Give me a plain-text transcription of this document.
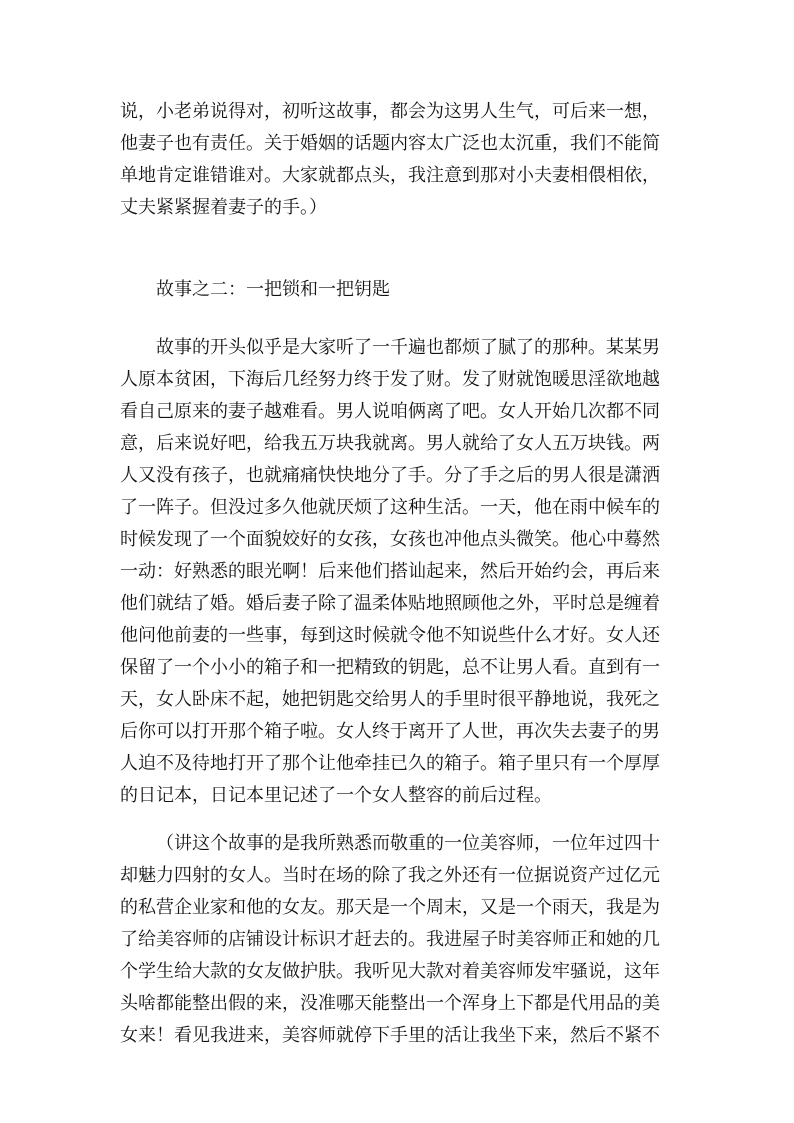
说，小老弟说得对，初听这故事，都会为这男人生气，可后来一想，
他妻子也有责任。关于婚姻的话题内容太广泛也太沉重，我们不能简
单地肯定谁错谁对。大家就都点头，我注意到那对小夫妻相偎相依，
丈夫紧紧握着妻子的手。）
故事之二：一把锁和一把钥匙
故事的开头似乎是大家听了一千遍也都烦了腻了的那种。某某男
人原本贫困，下海后几经努力终于发了财。发了财就饱暖思淫欲地越
看自己原来的妻子越难看。男人说咱俩离了吧。女人开始几次都不同
意，后来说好吧，给我五万块我就离。男人就给了女人五万块钱。两
人又没有孩子，也就痛痛快快地分了手。分了手之后的男人很是潇洒
了一阵子。但没过多久他就厌烦了这种生活。一天，他在雨中候车的
时候发现了一个面貌姣好的女孩，女孩也冲他点头微笑。他心中蓦然
一动：好熟悉的眼光啊！后来他们搭讪起来，然后开始约会，再后来
他们就结了婚。婚后妻子除了温柔体贴地照顾他之外，平时总是缠着
他问他前妻的一些事，每到这时候就令他不知说些什么才好。女人还
保留了一个小小的箱子和一把精致的钥匙，总不让男人看。直到有一
天，女人卧床不起，她把钥匙交给男人的手里时很平静地说，我死之
后你可以打开那个箱子啦。女人终于离开了人世，再次失去妻子的男
人迫不及待地打开了那个让他牵挂已久的箱子。箱子里只有一个厚厚
的日记本，日记本里记述了一个女人整容的前后过程。
（讲这个故事的是我所熟悉而敬重的一位美容师，一位年过四十
却魅力四射的女人。当时在场的除了我之外还有一位据说资产过亿元
的私营企业家和他的女友。那天是一个周末，又是一个雨天，我是为
了给美容师的店铺设计标识才赶去的。我进屋子时美容师正和她的几
个学生给大款的女友做护肤。我听见大款对着美容师发牢骚说，这年
头啥都能整出假的来，没准哪天能整出一个浑身上下都是代用品的美
女来！看见我进来，美容师就停下手里的活让我坐下来，然后不紧不
